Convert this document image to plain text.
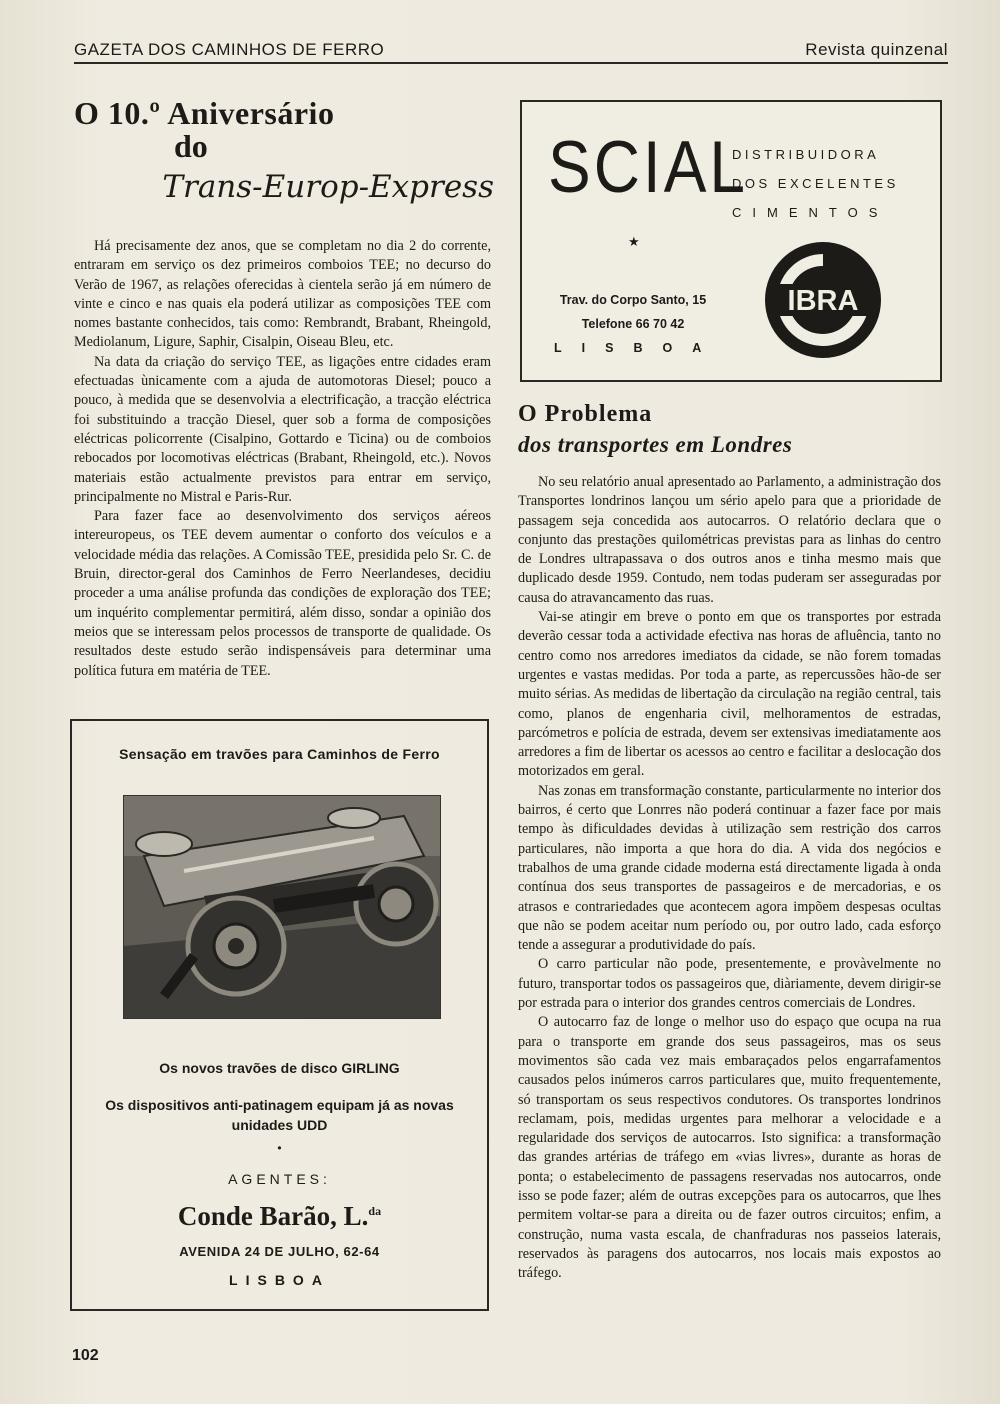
GAZETA DOS CAMINHOS DE FERRO	Revista quinzenal
O 10.º Aniversário
do
Trans-Europ-Express

Há precisamente dez anos, que se completam no dia 2 do corrente, entraram em serviço os dez primeiros comboios TEE; no decurso do Verão de 1967, as relações oferecidas à cientela serão já em número de vinte e cinco e nas quais ela poderá utilizar as composições TEE com nomes bastante conhecidos, tais como: Rembrandt, Brabant, Rheingold, Mediolanum, Ligure, Saphir, Cisalpin, Oiseau Bleu, etc.

Na data da criação do serviço TEE, as ligações entre cidades eram efectuadas ùnicamente com a ajuda de automotoras Diesel; pouco a pouco, à medida que se desenvolvia a electrificação, a tracção eléctrica foi substituindo a tracção Diesel, quer sob a forma de composições eléctricas policorrente (Cisalpino, Gottardo e Ticina) ou de comboios rebocados por locomotivas eléctricas (Brabant, Rheingold, etc.). Novos materiais estão actualmente previstos para entrar em serviço, principalmente no Mistral e Paris-Rur.

Para fazer face ao desenvolvimento dos serviços aéreos intereuropeus, os TEE devem aumentar o conforto dos veículos e a velocidade média das relações. A Comissão TEE, presidida pelo Sr. C. de Bruin, director-geral dos Caminhos de Ferro Neerlandeses, decidiu proceder a uma análise profunda das condições de exploração dos TEE; um inquérito complementar permitirá, além disso, sondar a opinião dos meios que se interessam pelos processos de transporte de qualidade. Os resultados deste estudo serão indispensáveis para determinar uma política futura em matéria de TEE.

Sensação em travões para Caminhos de Ferro
Os novos travões de disco GIRLING
Os dispositivos anti-patinagem equipam já as novas unidades UDD
•
AGENTES:
Conde Barão, L.$^{da}$
AVENIDA 24 DE JULHO, 62-64
LISBOA
SCIAL
DISTRIBUIDORA
DOS EXCELENTES
CIMENTOS
★
Trav. do Corpo Santo, 15
Telefone 66 70 42
LISBOA
IBRA
O Problema
dos transportes em Londres

No seu relatório anual apresentado ao Parlamento, a administração dos Transportes londrinos lançou um sério apelo para que a prioridade de passagem seja concedida aos autocarros. O relatório declara que o conjunto das prestações quilométricas previstas para as linhas do centro de Londres ultrapassava o dos outros anos e tinha mesmo mais que duplicado desde 1959. Contudo, nem todas puderam ser asseguradas por causa do atravancamento das ruas.

Vai-se atingir em breve o ponto em que os transportes por estrada deverão cessar toda a actividade efectiva nas horas de afluência, tanto no centro como nos arredores imediatos da cidade, se não forem tomadas urgentes e vastas medidas. Por toda a parte, as repercussões hão-de ser muito sérias. As medidas de libertação da circulação na região central, tais como, planos de engenharia civil, melhoramentos de estradas, parcómetros e polícia de estrada, devem ser extensivas imediatamente aos arredores a fim de libertar os acessos ao centro e facilitar a deslocação dos motorizados em geral.

Nas zonas em transformação constante, particularmente no interior dos bairros, é certo que Lonrres não poderá continuar a fazer face por mais tempo às dificuldades devidas à utilização sem restrição dos carros particulares, não importa a que hora do dia. A vida dos negócios e trabalhos de uma grande cidade moderna está directamente ligada à onda contínua dos seus transportes de passageiros e de mercadorias, e os atrasos e contrariedades que acontecem agora impõem despesas ocultas que não se podem aceitar num período ou, por outro lado, cada esforço tende a assegurar a produtividade do país.

O carro particular não pode, presentemente, e provàvelmente no futuro, transportar todos os passageiros que, diàriamente, devem dirigir-se por estrada para o interior dos grandes centros comerciais de Londres.

O autocarro faz de longe o melhor uso do espaço que ocupa na rua para o transporte em grande dos seus passageiros, mas os seus movimentos são cada vez mais embaraçados pelos engarrafamentos causados pelos inúmeros carros particulares que, muito frequentemente, só transportam os seus respectivos condutores. Os transportes londrinos reclamam, pois, medidas urgentes para melhorar a velocidade e a regularidade dos serviços de autocarros. Isto significa: a transformação das grandes artérias de tráfego em «vias livres», durante as horas de ponta; o estabelecimento de passagens reservadas nos autocarros, onde isso se pode fazer; além de outras excepções para os autocarros, que lhes permitem voltar-se para a direita ou de fazer outros circuitos; enfim, a construção, numa vasta escala, de chanfraduras nos passeios laterais, reservados às paragens dos autocarros, nos locais mais expostos ao tráfego.

102
